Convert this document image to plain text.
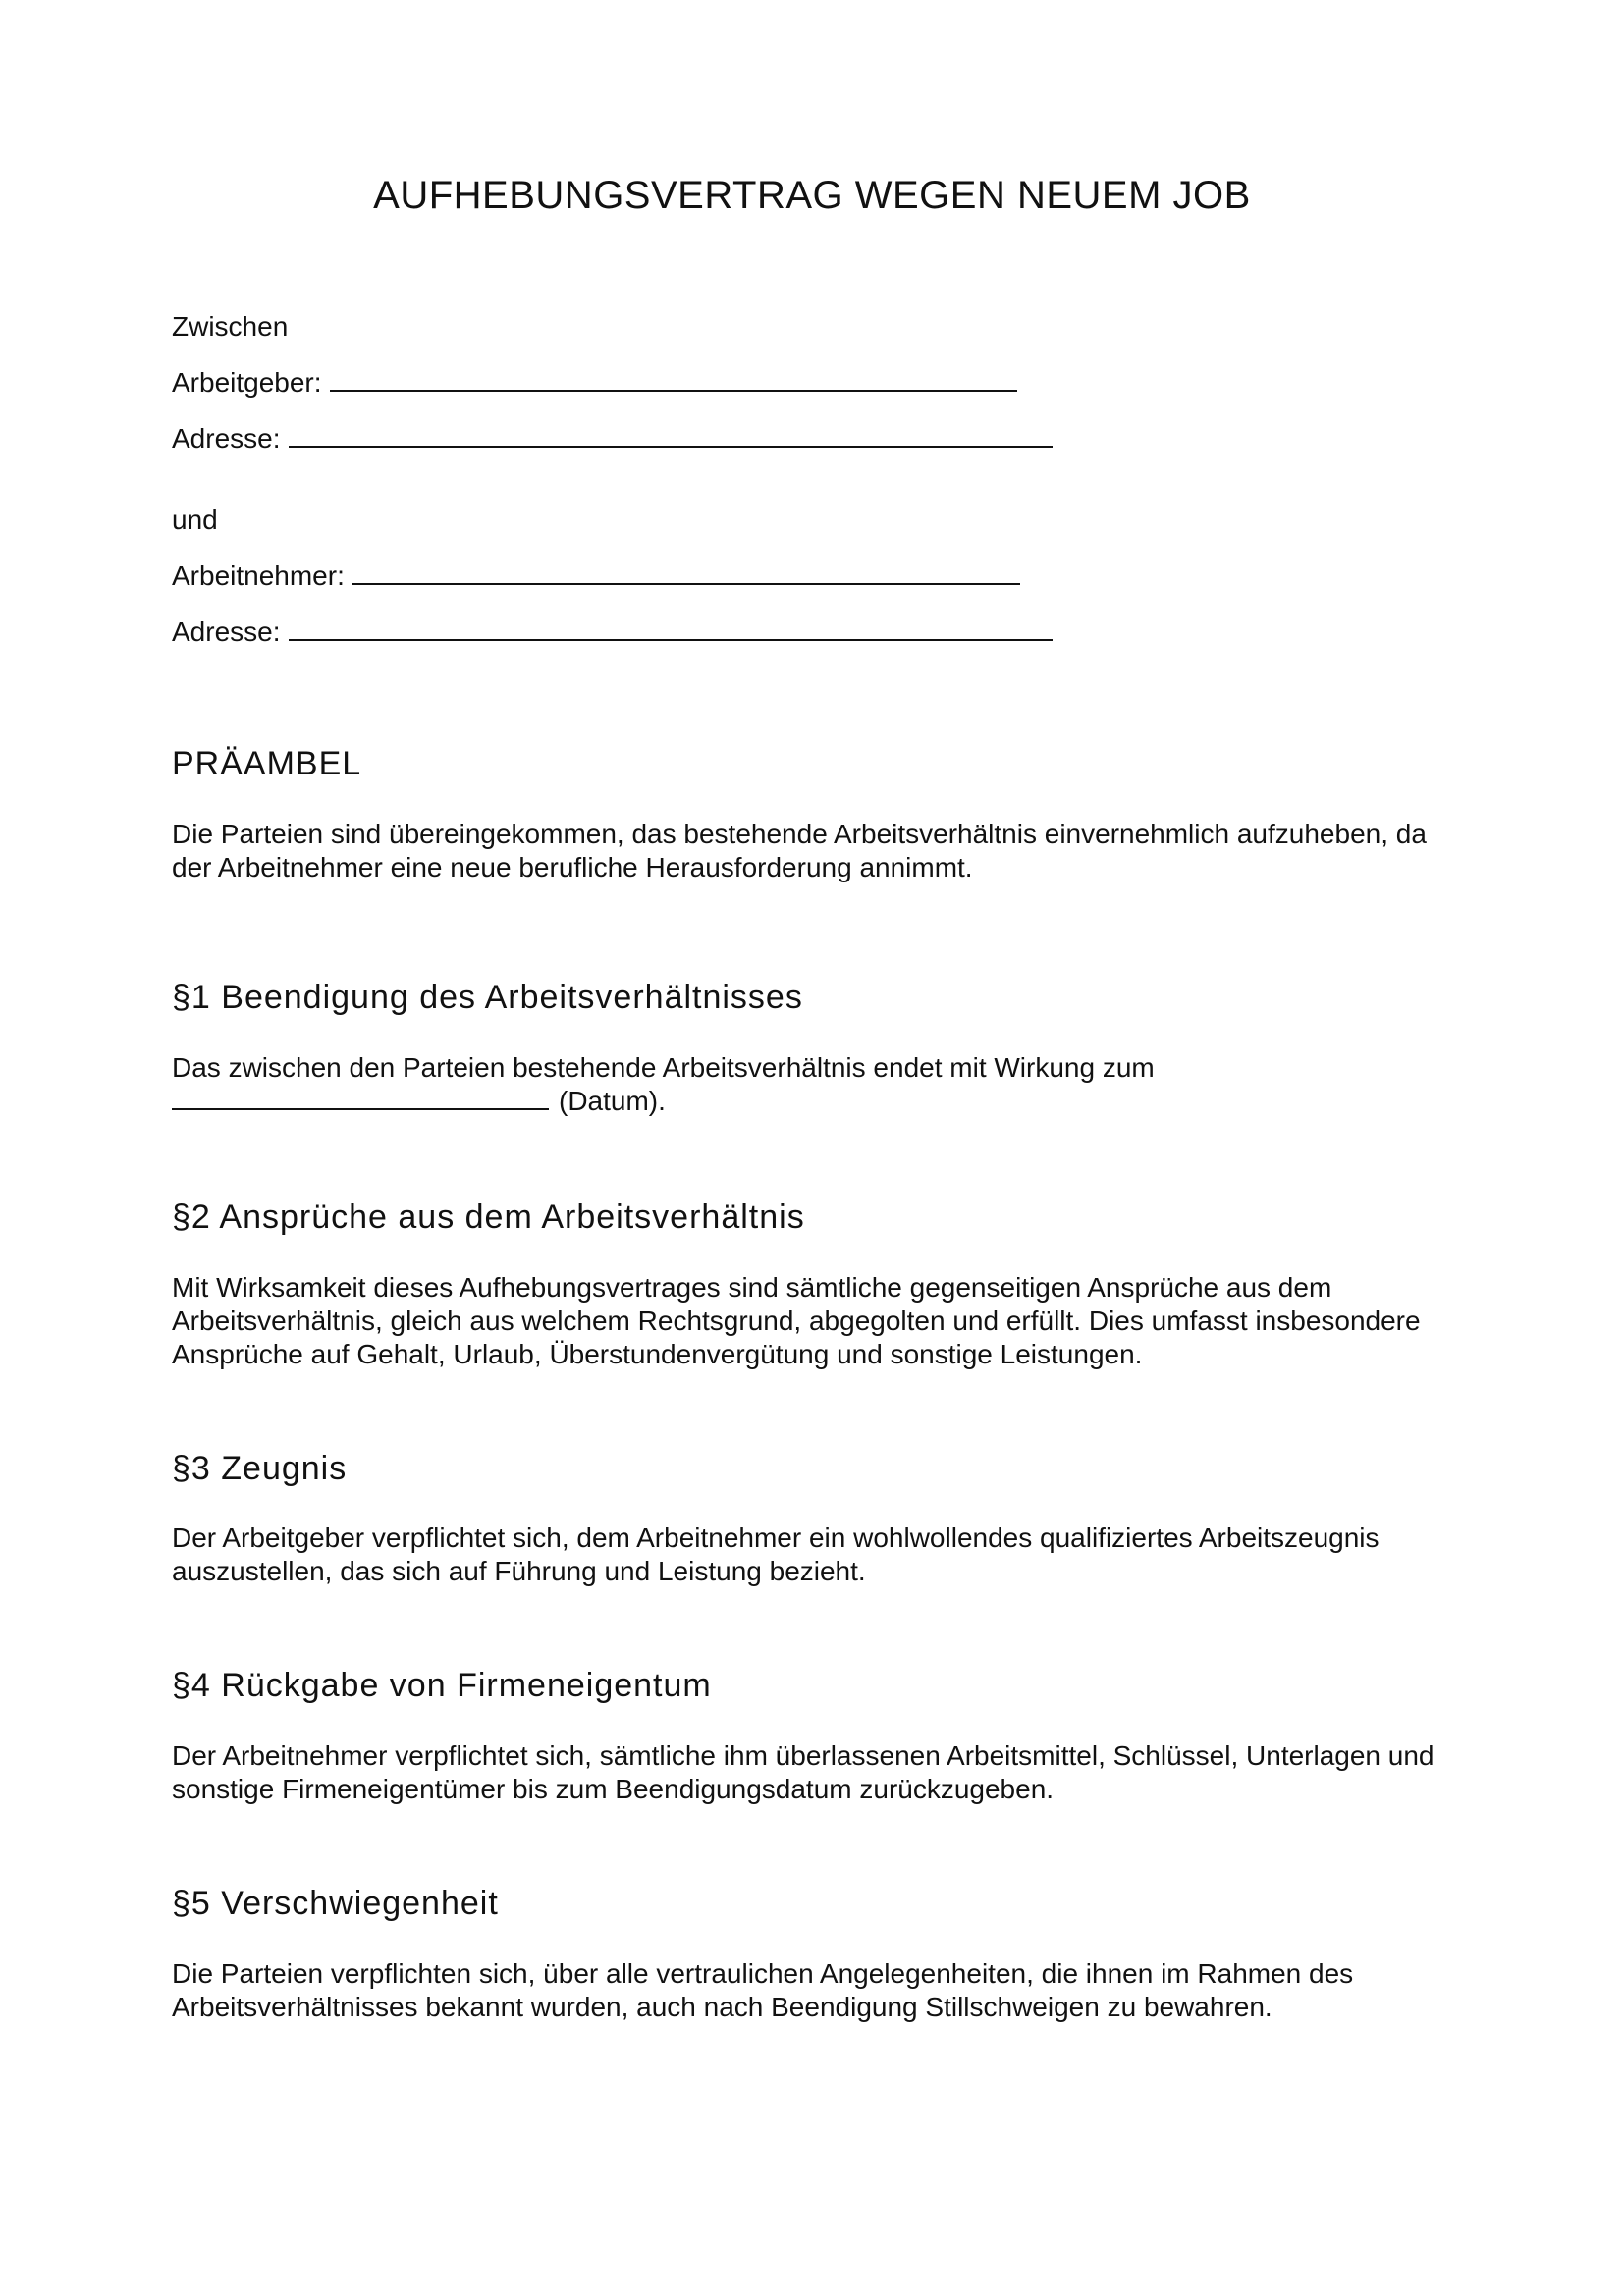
AUFHEBUNGSVERTRAG WEGEN NEUEM JOB
Zwischen
Arbeitgeber:
Adresse:
und
Arbeitnehmer:
Adresse:
PRÄAMBEL

Die Parteien sind übereingekommen, das bestehende Arbeitsverhältnis einvernehmlich aufzuheben, da der Arbeitnehmer eine neue berufliche Herausforderung annimmt.

§1 Beendigung des Arbeitsverhältnisses

Das zwischen den Parteien bestehende Arbeitsverhältnis endet mit Wirkung zum
(Datum).

§2 Ansprüche aus dem Arbeitsverhältnis

Mit Wirksamkeit dieses Aufhebungsvertrages sind sämtliche gegenseitigen Ansprüche aus dem Arbeitsverhältnis, gleich aus welchem Rechtsgrund, abgegolten und erfüllt. Dies umfasst insbesondere Ansprüche auf Gehalt, Urlaub, Überstundenvergütung und sonstige Leistungen.

§3 Zeugnis

Der Arbeitgeber verpflichtet sich, dem Arbeitnehmer ein wohlwollendes qualifiziertes Arbeitszeugnis auszustellen, das sich auf Führung und Leistung bezieht.

§4 Rückgabe von Firmeneigentum

Der Arbeitnehmer verpflichtet sich, sämtliche ihm überlassenen Arbeitsmittel, Schlüssel, Unterlagen und sonstige Firmeneigentümer bis zum Beendigungsdatum zurückzugeben.

§5 Verschwiegenheit

Die Parteien verpflichten sich, über alle vertraulichen Angelegenheiten, die ihnen im Rahmen des Arbeitsverhältnisses bekannt wurden, auch nach Beendigung Stillschweigen zu bewahren.
